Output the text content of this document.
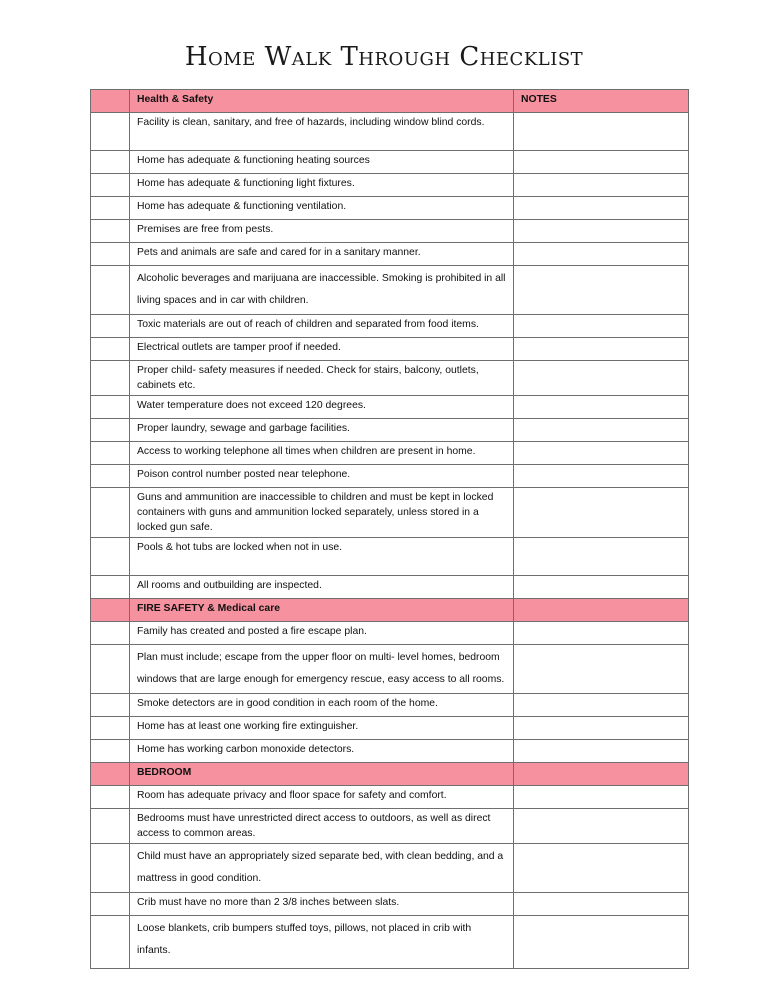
Home Walk Through Checklist
	Health & Safety	NOTES
	Facility is clean, sanitary, and free of hazards, including window blind cords.	
	Home has adequate & functioning heating sources	
	Home has adequate & functioning light fixtures.	
	Home has adequate & functioning ventilation.	
	Premises are free from pests.	
	Pets and animals are safe and cared for in a sanitary manner.	
	Alcoholic beverages and marijuana are inaccessible. Smoking is prohibited in all living spaces and in car with children.	
	Toxic materials are out of reach of children and separated from food items.	
	Electrical outlets are tamper proof if needed.	
	Proper child- safety measures if needed. Check for stairs, balcony, outlets, cabinets etc.	
	Water temperature does not exceed 120 degrees.	
	Proper laundry, sewage and garbage facilities.	
	Access to working telephone all times when children are present in home.	
	Poison control number posted near telephone.	
	Guns and ammunition are inaccessible to children and must be kept in locked containers with guns and ammunition locked separately, unless stored in a locked gun safe.	
	Pools & hot tubs are locked when not in use.	
	All rooms and outbuilding are inspected.	
	FIRE SAFETY & Medical care	
	Family has created and posted a fire escape plan.	
	Plan must include; escape from the upper floor on multi- level homes, bedroom windows that are large enough for emergency rescue, easy access to all rooms.	
	Smoke detectors are in good condition in each room of the home.	
	Home has at least one working fire extinguisher.	
	Home has working carbon monoxide detectors.	
	BEDROOM	
	Room has adequate privacy and floor space for safety and comfort.	
	Bedrooms must have unrestricted direct access to outdoors, as well as direct access to common areas.	
	Child must have an appropriately sized separate bed, with clean bedding, and a mattress in good condition.	
	Crib must have no more than 2 3/8 inches between slats.	
	Loose blankets, crib bumpers stuffed toys, pillows, not placed in crib with infants.	
